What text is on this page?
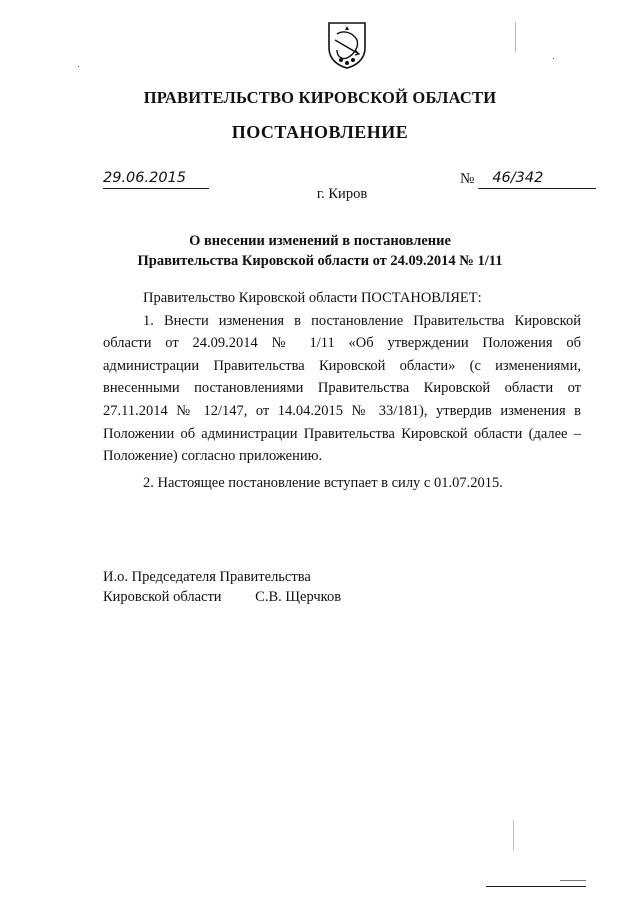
ПРАВИТЕЛЬСТВО КИРОВСКОЙ ОБЛАСТИ
ПОСТАНОВЛЕНИЕ
29.06.2015	№ 46/342
г. Киров
О внесении изменений в постановление
Правительства Кировской области от 24.09.2014 № 1/11

Правительство Кировской области ПОСТАНОВЛЯЕТ:

1. Внести изменения в постановление Правительства Кировской области от 24.09.2014 № 1/11 «Об утверждении Положения об администрации Правительства Кировской области» (с изменениями, внесенными постановлениями Правительства Кировской области от 27.11.2014 № 12/147, от 14.04.2015 № 33/181), утвердив изменения в Положении об администрации Правительства Кировской области (далее – Положение) согласно приложению.

2. Настоящее постановление вступает в силу с 01.07.2015.

И.о. Председателя Правительства
Кировской области С.В. Щерчков
